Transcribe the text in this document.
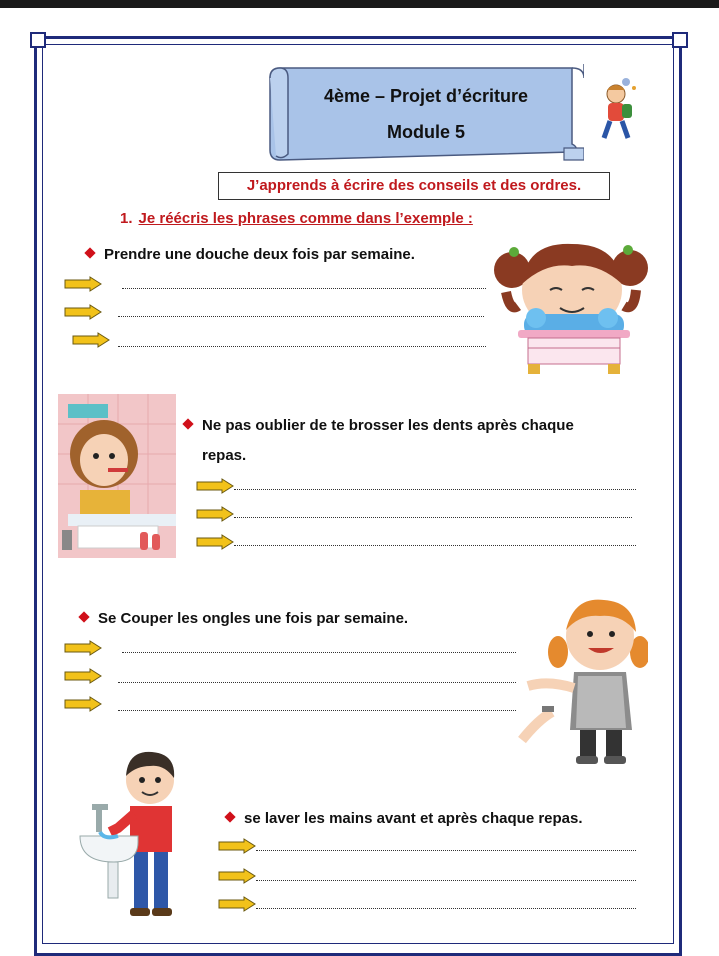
4ème – Projet d’écriture
Module 5
J’apprends à écrire des conseils et des ordres.
1. Je réécris les phrases comme dans l’exemple :
Prendre une douche deux fois par semaine.
Ne pas oublier de te brosser les dents après chaque
repas.
Se Couper les ongles une fois par semaine.
se laver les mains avant et après chaque repas.
